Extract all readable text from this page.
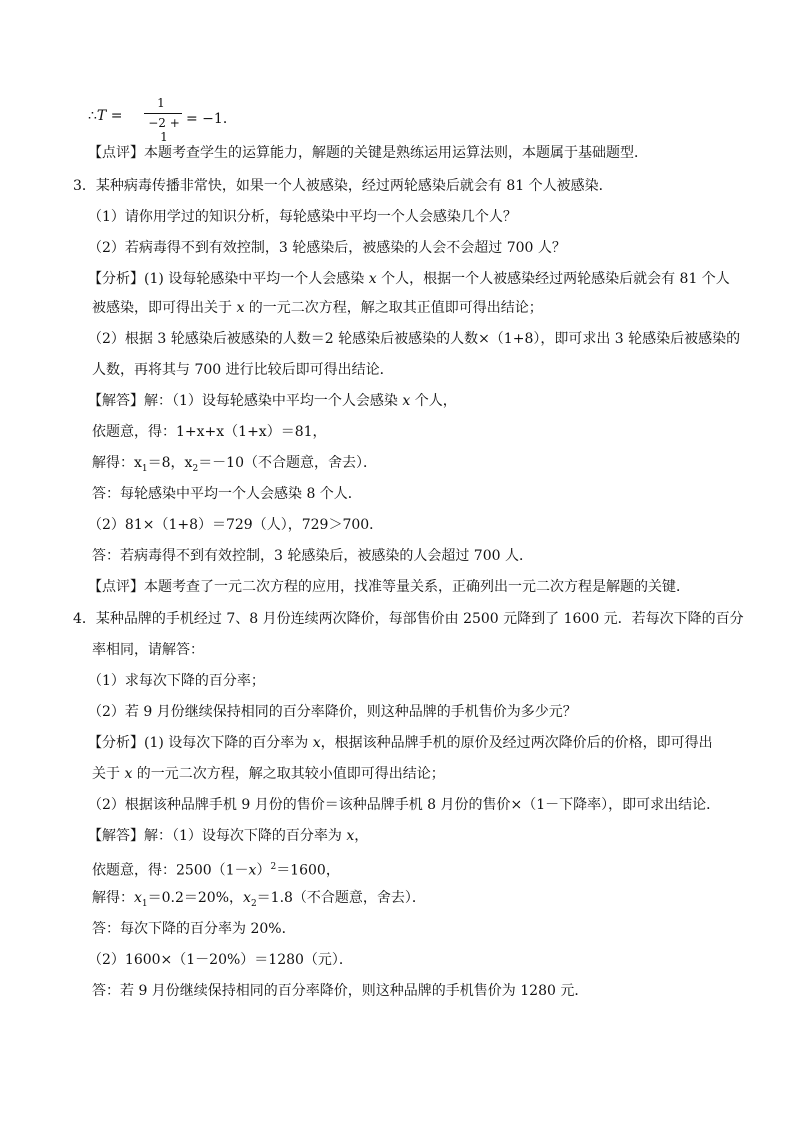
∴T =
1
−2 + 1
= −1．
【点评】本题考查学生的运算能力，解题的关键是熟练运用运算法则，本题属于基础题型．
3．某种病毒传播非常快，如果一个人被感染，经过两轮感染后就会有 81 个人被感染．
（1）请你用学过的知识分析，每轮感染中平均一个人会感染几个人？
（2）若病毒得不到有效控制，3 轮感染后，被感染的人会不会超过 700 人？
【分析】(1) 设每轮感染中平均一个人会感染 x 个人，根据一个人被感染经过两轮感染后就会有 81 个人
被感染，即可得出关于 x 的一元二次方程，解之取其正值即可得出结论；
（2）根据 3 轮感染后被感染的人数＝2 轮感染后被感染的人数×（1+8），即可求出 3 轮感染后被感染的
人数，再将其与 700 进行比较后即可得出结论．
【解答】解：（1）设每轮感染中平均一个人会感染 x 个人，
依题意，得：1+x+x（1+x）＝81，
解得：$x_1=8$，$x_2=-10$（不合题意，舍去）．
答：每轮感染中平均一个人会感染 8 个人．
（2）81×（1+8）＝729（人），729＞700．
答：若病毒得不到有效控制，3 轮感染后，被感染的人会超过 700 人．
【点评】本题考查了一元二次方程的应用，找准等量关系，正确列出一元二次方程是解题的关键．
4．某种品牌的手机经过 7、8 月份连续两次降价，每部售价由 2500 元降到了 1600 元．若每次下降的百分
率相同，请解答：
（1）求每次下降的百分率；
（2）若 9 月份继续保持相同的百分率降价，则这种品牌的手机售价为多少元？
【分析】(1) 设每次下降的百分率为 x，根据该种品牌手机的原价及经过两次降价后的价格，即可得出
关于 x 的一元二次方程，解之取其较小值即可得出结论；
（2）根据该种品牌手机 9 月份的售价＝该种品牌手机 8 月份的售价×（1－下降率），即可求出结论．
【解答】解：（1）设每次下降的百分率为 x，
依题意，得：$2500(1-x)^2=1600$，
解得：$x_1=0.2=20\%$，$x_2=1.8$（不合题意，舍去）．
答：每次下降的百分率为 20%．
（2）1600×（1－20%）＝1280（元）．
答：若 9 月份继续保持相同的百分率降价，则这种品牌的手机售价为 1280 元．
